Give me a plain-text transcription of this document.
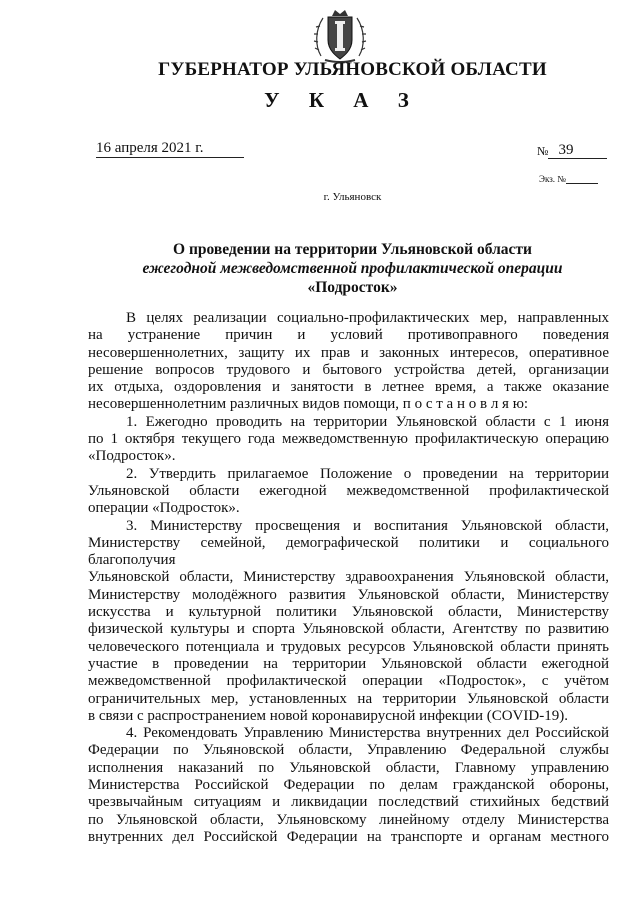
ГУБЕРНАТОР УЛЬЯНОВСКОЙ ОБЛАСТИ
У К А З
16 апреля 2021 г.	№ 39
Экз. №
г. Ульяновск
О проведении на территории Ульяновской области
ежегодной межведомственной профилактической операции
«Подросток»

В целях реализации социально-профилактических мер, направленных

на устранение причин и условий противоправного поведения

несовершеннолетних, защиту их прав и законных интересов, оперативное

решение вопросов трудового и бытового устройства детей, организации

их отдыха, оздоровления и занятости в летнее время, а также оказание

несовершеннолетним различных видов помощи, п о с т а н о в л я ю:

1. Ежегодно проводить на территории Ульяновской области с 1 июня

по 1 октября текущего года межведомственную профилактическую операцию

«Подросток».

2. Утвердить прилагаемое Положение о проведении на территории

Ульяновской области ежегодной межведомственной профилактической

операции «Подросток».

3. Министерству просвещения и воспитания Ульяновской области,

Министерству семейной, демографической политики и социального благополучия

Ульяновской области, Министерству здравоохранения Ульяновской области,

Министерству молодёжного развития Ульяновской области, Министерству

искусства и культурной политики Ульяновской области, Министерству

физической культуры и спорта Ульяновской области, Агентству по развитию

человеческого потенциала и трудовых ресурсов Ульяновской области принять

участие в проведении на территории Ульяновской области ежегодной

межведомственной профилактической операции «Подросток», с учётом

ограничительных мер, установленных на территории Ульяновской области

в связи с распространением новой коронавирусной инфекции (COVID-19).

4. Рекомендовать Управлению Министерства внутренних дел Российской

Федерации по Ульяновской области, Управлению Федеральной службы

исполнения наказаний по Ульяновской области, Главному управлению

Министерства Российской Федерации по делам гражданской обороны,

чрезвычайным ситуациям и ликвидации последствий стихийных бедствий

по Ульяновской области, Ульяновскому линейному отделу Министерства

внутренних дел Российской Федерации на транспорте и органам местного
